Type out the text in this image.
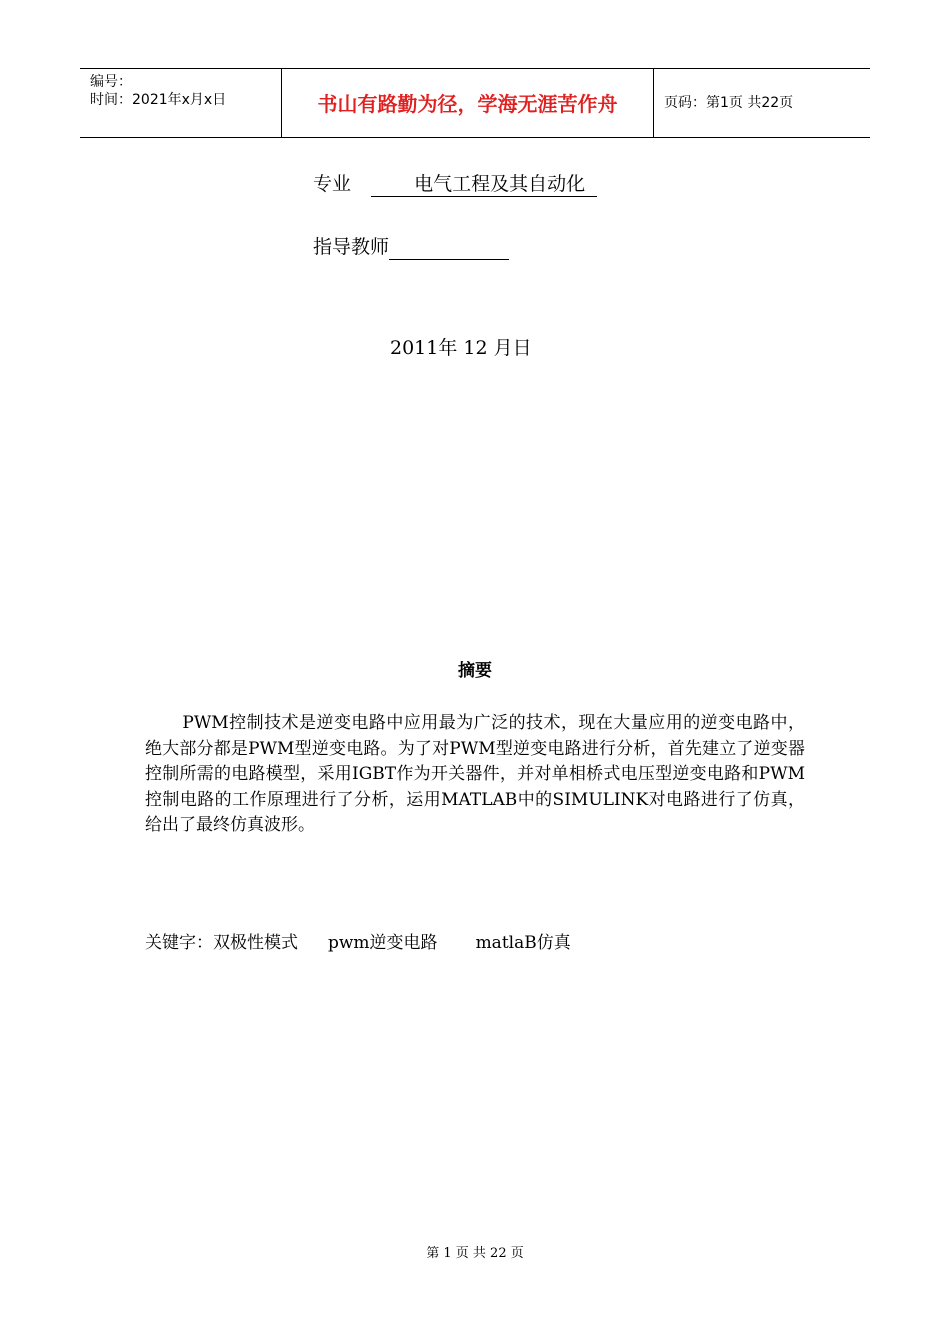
编号：
时间：2021年x月x日	书山有路勤为径，学海无涯苦作舟	页码：第1页 共22页
专业	电气工程及其自动化
指导教师
2011年 12 月日
摘要

PWM控制技术是逆变电路中应用最为广泛的技术，现在大量应用的逆变电路中，绝大部分都是PWM型逆变电路。为了对PWM型逆变电路进行分析，首先建立了逆变器控制所需的电路模型，采用IGBT作为开关器件，并对单相桥式电压型逆变电路和PWM控制电路的工作原理进行了分析，运用MATLAB中的SIMULINK对电路进行了仿真，给出了最终仿真波形。

关键字：双极性模式 pwm逆变电路 matlaB仿真
第 1 页 共 22 页
